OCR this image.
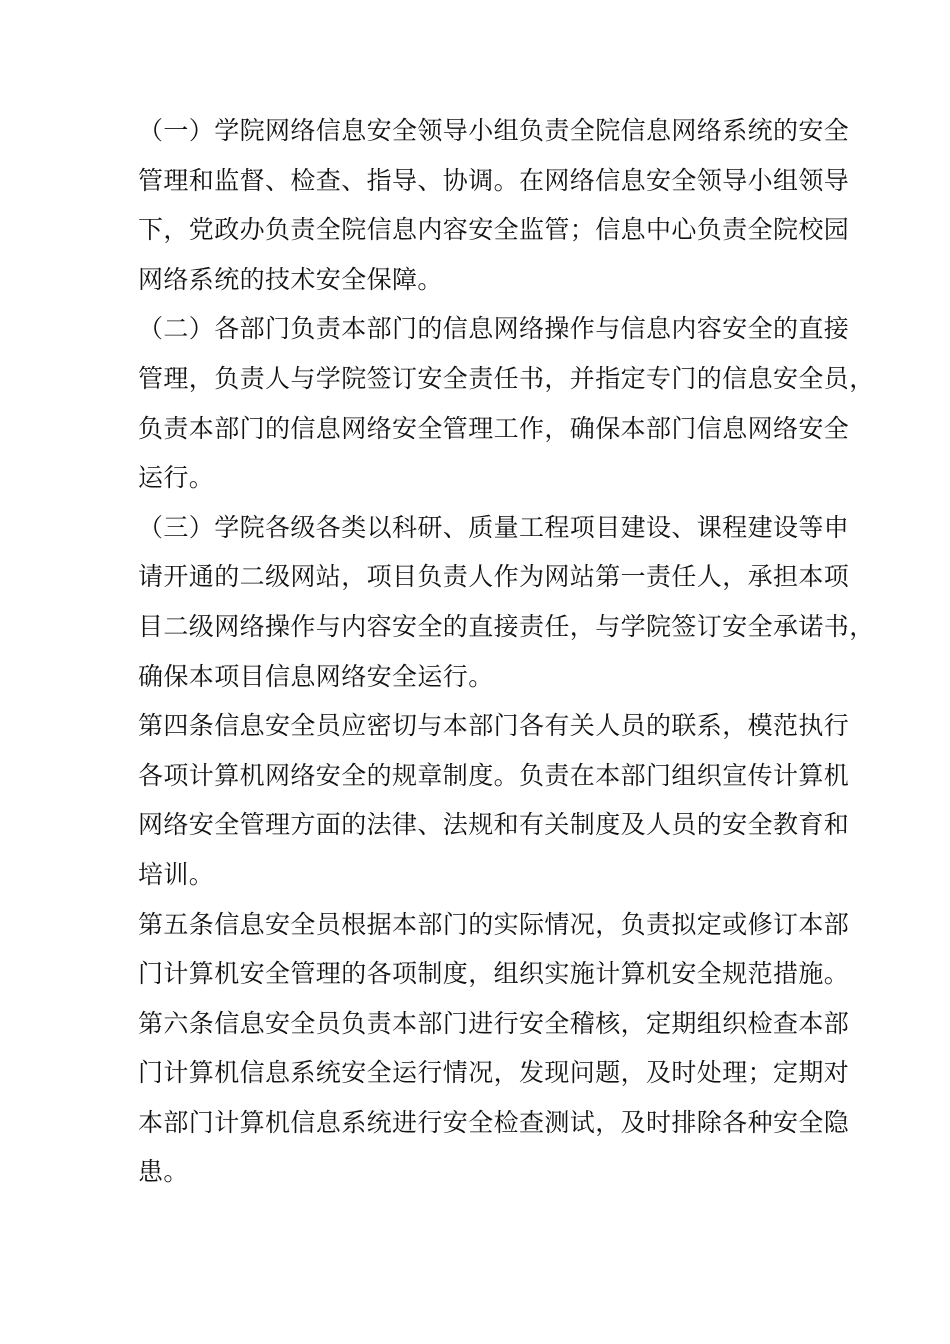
（一）学院网络信息安全领导小组负责全院信息网络系统的安全
管理和监督、检查、指导、协调。在网络信息安全领导小组领导
下，党政办负责全院信息内容安全监管；信息中心负责全院校园
网络系统的技术安全保障。

（二）各部门负责本部门的信息网络操作与信息内容安全的直接
管理，负责人与学院签订安全责任书，并指定专门的信息安全员，
负责本部门的信息网络安全管理工作，确保本部门信息网络安全
运行。

（三）学院各级各类以科研、质量工程项目建设、课程建设等申
请开通的二级网站，项目负责人作为网站第一责任人，承担本项
目二级网络操作与内容安全的直接责任，与学院签订安全承诺书，
确保本项目信息网络安全运行。

第四条信息安全员应密切与本部门各有关人员的联系，模范执行
各项计算机网络安全的规章制度。负责在本部门组织宣传计算机
网络安全管理方面的法律、法规和有关制度及人员的安全教育和
培训。

第五条信息安全员根据本部门的实际情况，负责拟定或修订本部
门计算机安全管理的各项制度，组织实施计算机安全规范措施。

第六条信息安全员负责本部门进行安全稽核，定期组织检查本部
门计算机信息系统安全运行情况，发现问题，及时处理；定期对
本部门计算机信息系统进行安全检查测试，及时排除各种安全隐
患。
